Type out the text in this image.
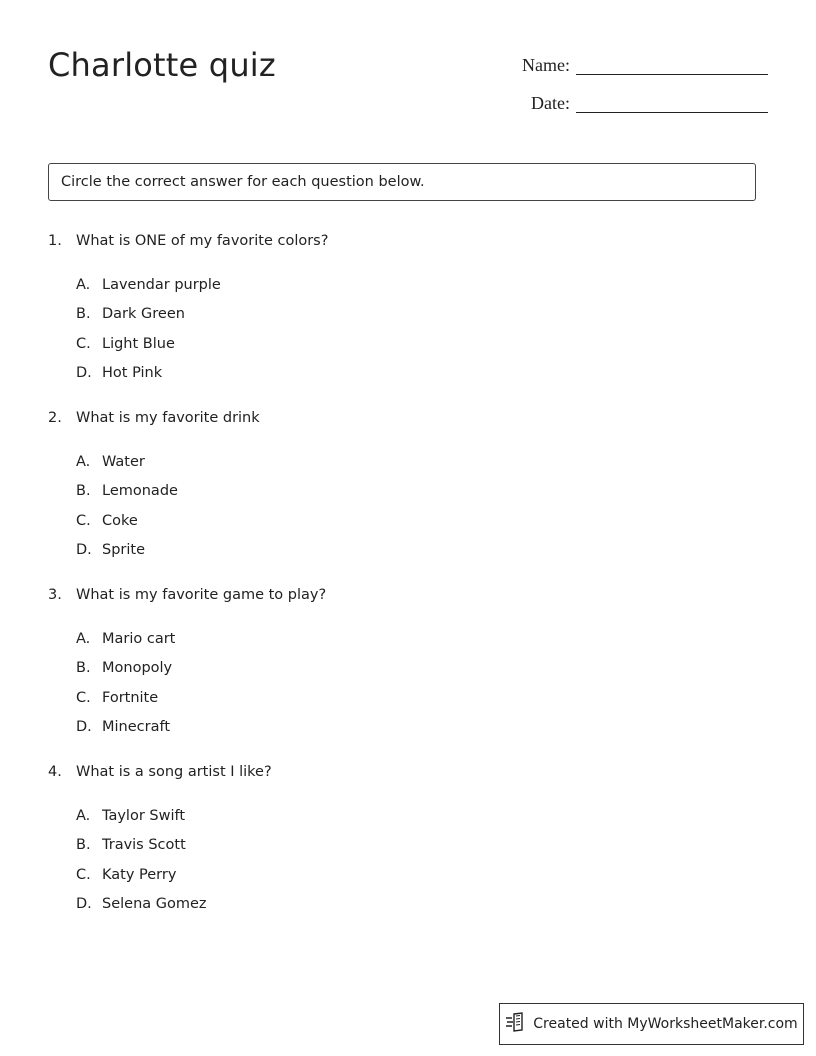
Charlotte quiz	Name:
Date:
Circle the correct answer for each question below.
1. What is ONE of my favorite colors?
A. Lavendar purple
B. Dark Green
C. Light Blue
D. Hot Pink
2. What is my favorite drink
A. Water
B. Lemonade
C. Coke
D. Sprite
3. What is my favorite game to play?
A. Mario cart
B. Monopoly
C. Fortnite
D. Minecraft
4. What is a song artist I like?
A. Taylor Swift
B. Travis Scott
C. Katy Perry
D. Selena Gomez
Created with MyWorksheetMaker.com
